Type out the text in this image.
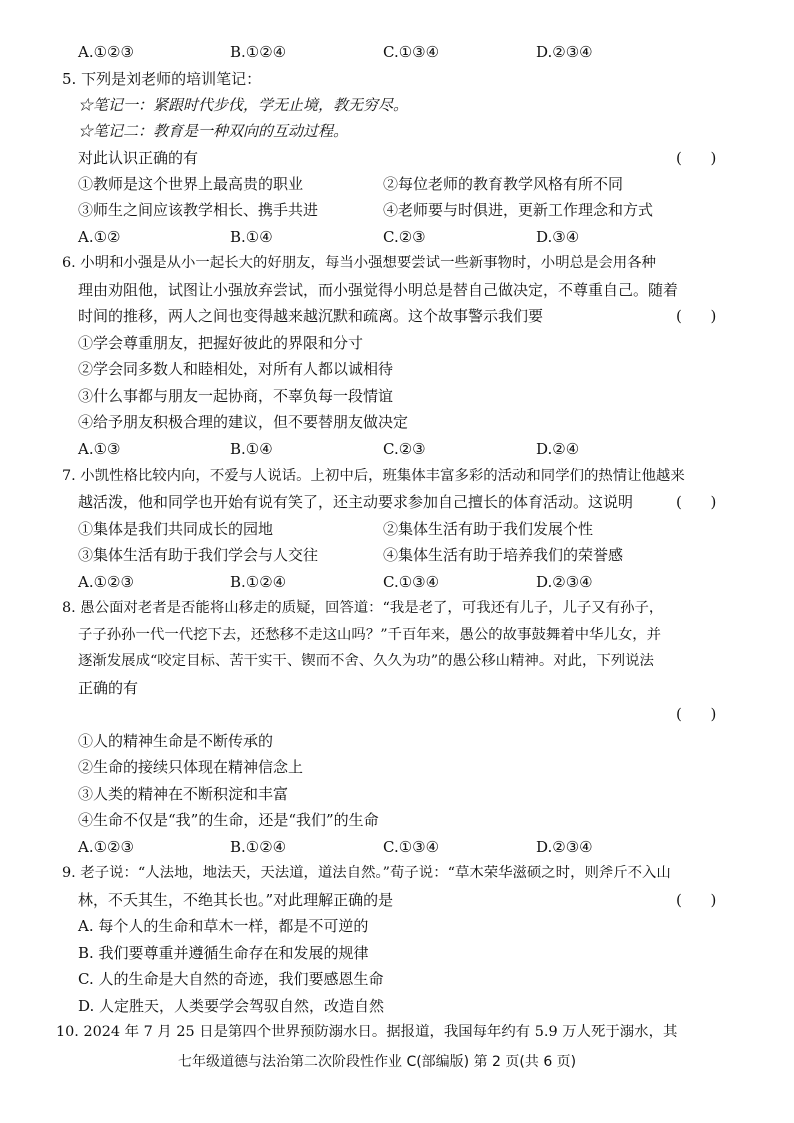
A.①②③	B.①②④	C.①③④	D.②③④
5. 下列是刘老师的培训笔记：
☆笔记一：紧跟时代步伐，学无止境，教无穷尽。
☆笔记二：教育是一种双向的互动过程。
对此认识正确的有	(      )
①教师是这个世界上最高贵的职业	②每位老师的教育教学风格有所不同
③师生之间应该教学相长、携手共进	④老师要与时俱进，更新工作理念和方式
A.①②	B.①④	C.②③	D.③④
6. 小明和小强是从小一起长大的好朋友，每当小强想要尝试一些新事物时，小明总是会用各种
理由劝阻他，试图让小强放弃尝试，而小强觉得小明总是替自己做决定，不尊重自己。随着
时间的推移，两人之间也变得越来越沉默和疏离。这个故事警示我们要	(      )
①学会尊重朋友，把握好彼此的界限和分寸
②学会同多数人和睦相处，对所有人都以诚相待
③什么事都与朋友一起协商，不辜负每一段情谊
④给予朋友积极合理的建议，但不要替朋友做决定
A.①③	B.①④	C.②③	D.②④
7. 小凯性格比较内向，不爱与人说话。上初中后，班集体丰富多彩的活动和同学们的热情让他越来
越活泼，他和同学也开始有说有笑了，还主动要求参加自己擅长的体育活动。这说明	(      )
①集体是我们共同成长的园地	②集体生活有助于我们发展个性
③集体生活有助于我们学会与人交往	④集体生活有助于培养我们的荣誉感
A.①②③	B.①②④	C.①③④	D.②③④
8. 愚公面对老者是否能将山移走的质疑，回答道：“我是老了，可我还有儿子，儿子又有孙子，
子子孙孙一代一代挖下去，还愁移不走这山吗？”千百年来，愚公的故事鼓舞着中华儿女，并
逐渐发展成“咬定目标、苦干实干、锲而不舍、久久为功”的愚公移山精神。对此，下列说法
正确的有
(      )
①人的精神生命是不断传承的
②生命的接续只体现在精神信念上
③人类的精神在不断积淀和丰富
④生命不仅是“我”的生命，还是“我们”的生命
A.①②③	B.①②④	C.①③④	D.②③④
9. 老子说：“人法地，地法天，天法道，道法自然。”荀子说：“草木荣华滋硕之时，则斧斤不入山
林，不夭其生，不绝其长也。”对此理解正确的是	(      )
A. 每个人的生命和草木一样，都是不可逆的
B. 我们要尊重并遵循生命存在和发展的规律
C. 人的生命是大自然的奇迹，我们要感恩生命
D. 人定胜天，人类要学会驾驭自然，改造自然
10. 2024 年 7 月 25 日是第四个世界预防溺水日。据报道，我国每年约有 5.9 万人死于溺水，其
七年级道德与法治第二次阶段性作业 C(部编版) 第 2 页(共 6 页)
